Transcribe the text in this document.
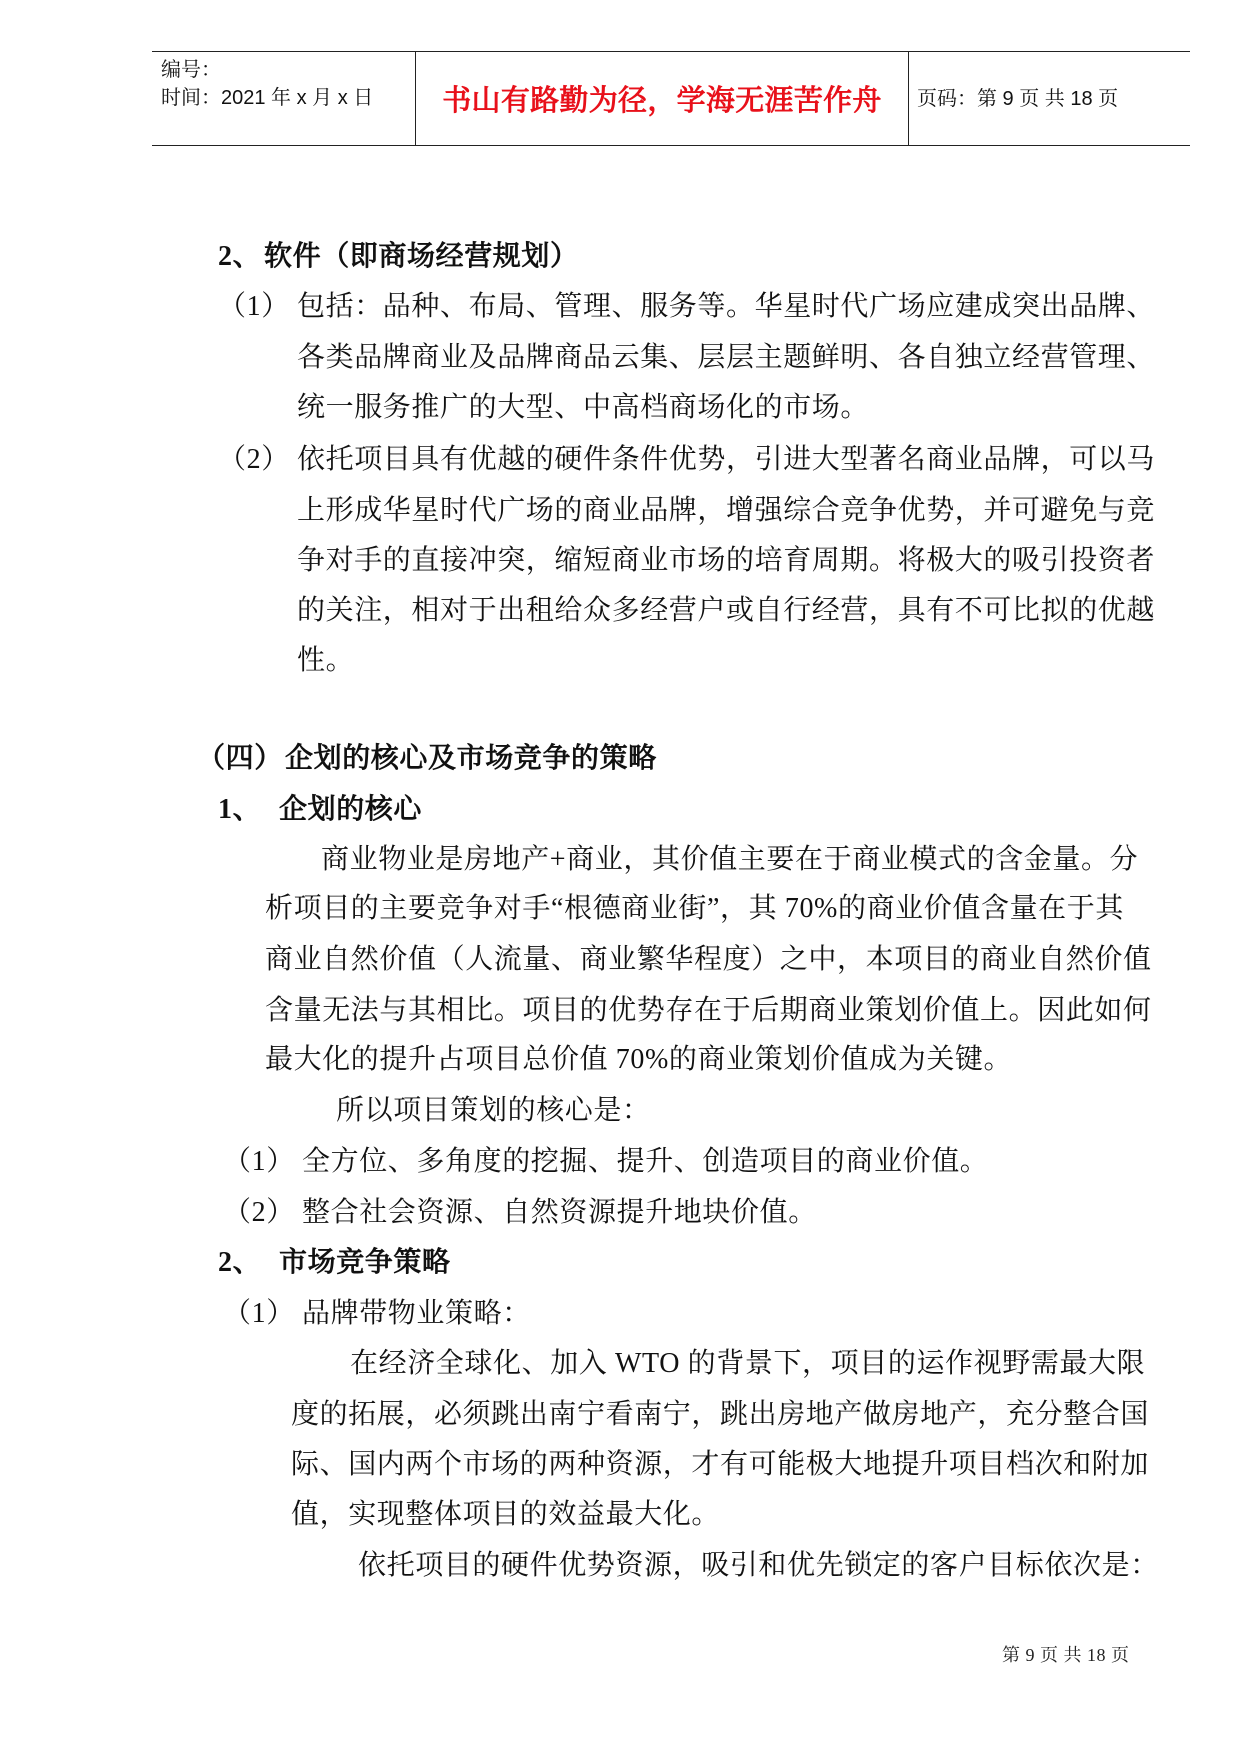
编号：
时间：2021 年 x 月 x 日 书山有路勤为径，学海无涯苦作舟 页码：第 9 页 共 18 页
2、 软件（即商场经营规划）
（1） 包括：品种、布局、管理、服务等。华星时代广场应建成突出品牌、
各类品牌商业及品牌商品云集、层层主题鲜明、各自独立经营管理、
统一服务推广的大型、中高档商场化的市场。
（2） 依托项目具有优越的硬件条件优势，引进大型著名商业品牌，可以马
上形成华星时代广场的商业品牌，增强综合竞争优势，并可避免与竞
争对手的直接冲突，缩短商业市场的培育周期。将极大的吸引投资者
的关注，相对于出租给众多经营户或自行经营，具有不可比拟的优越
性。
（四） 企划的核心及市场竞争的策略
1、 企划的核心
商业物业是房地产+商业，其价值主要在于商业模式的含金量。分
析项目的主要竞争对手“根德商业街”，其 70%的商业价值含量在于其
商业自然价值（人流量、商业繁华程度）之中，本项目的商业自然价值
含量无法与其相比。项目的优势存在于后期商业策划价值上。因此如何
最大化的提升占项目总价值 70%的商业策划价值成为关键。
所以项目策划的核心是：
（1） 全方位、多角度的挖掘、提升、创造项目的商业价值。
（2） 整合社会资源、自然资源提升地块价值。
2、 市场竞争策略
（1） 品牌带物业策略：
在经济全球化、加入 WTO 的背景下，项目的运作视野需最大限
度的拓展，必须跳出南宁看南宁，跳出房地产做房地产，充分整合国
际、国内两个市场的两种资源，才有可能极大地提升项目档次和附加
值，实现整体项目的效益最大化。
依托项目的硬件优势资源，吸引和优先锁定的客户目标依次是：
第 9 页 共 18 页
